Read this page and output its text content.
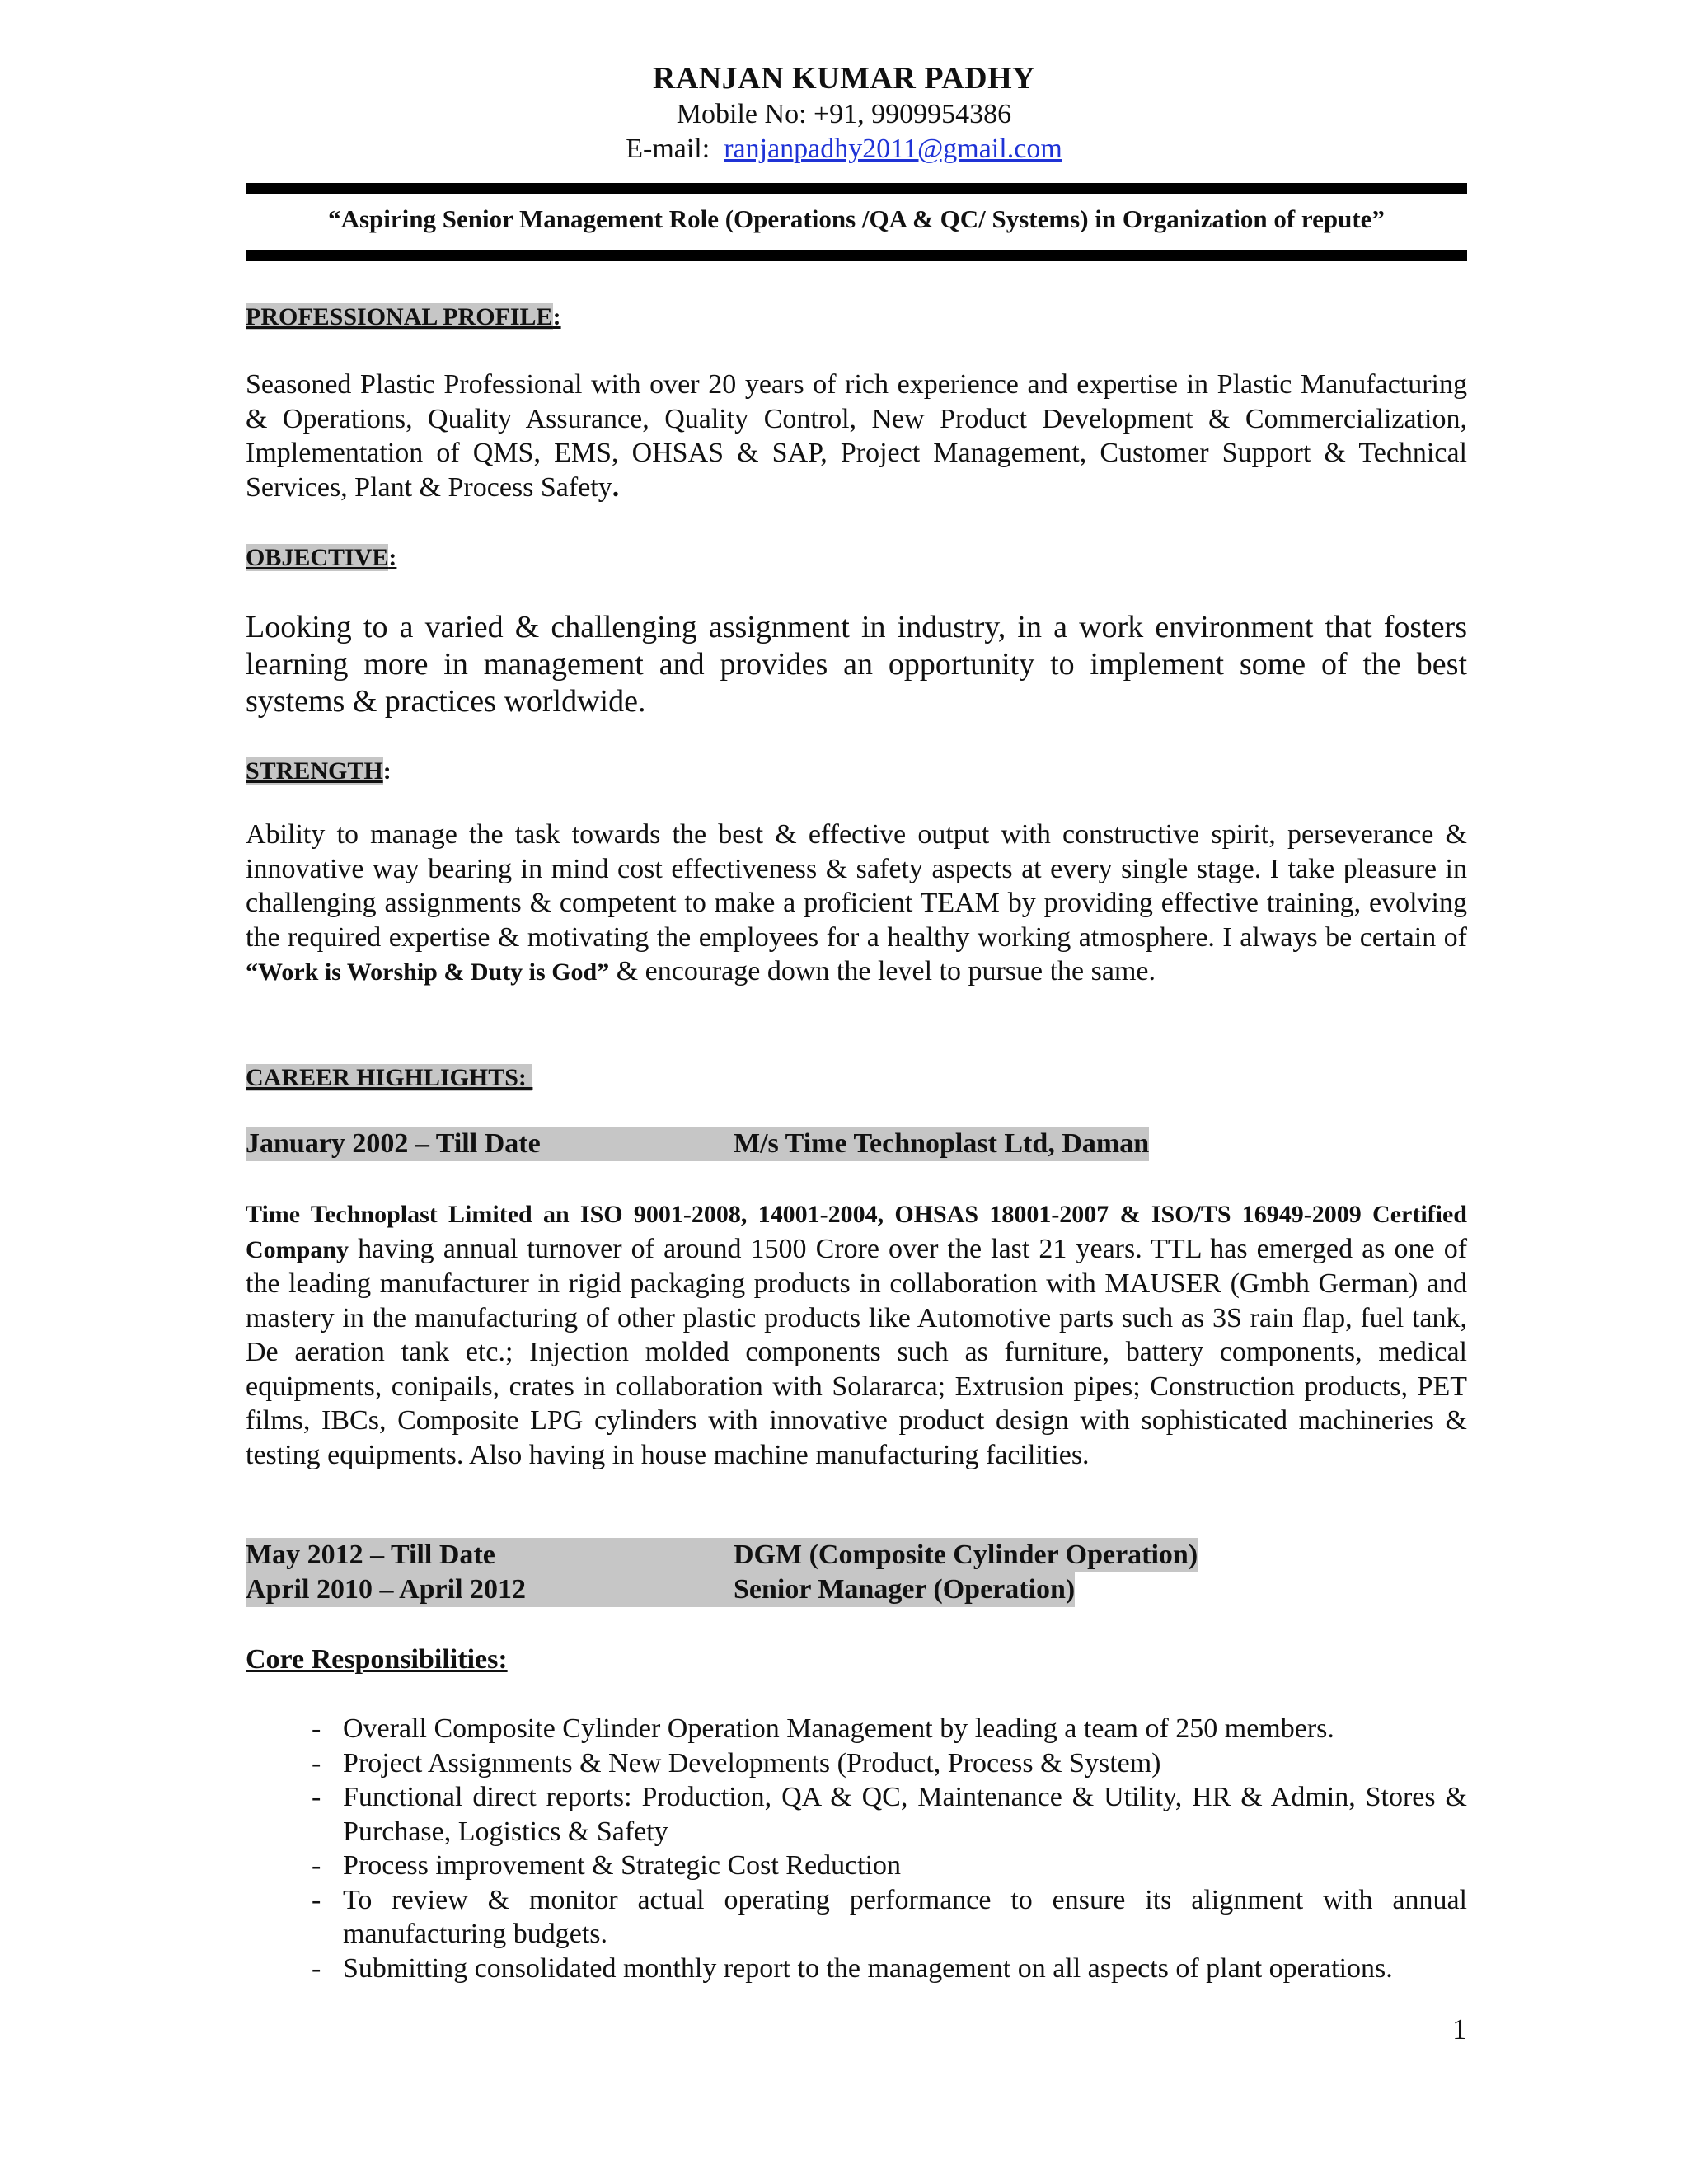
RANJAN KUMAR PADHY
Mobile No: +91, 9909954386
E-mail: ranjanpadhy2011@gmail.com
“Aspiring Senior Management Role (Operations /QA & QC/ Systems) in Organization of repute”
PROFESSIONAL PROFILE:
Seasoned Plastic Professional with over 20 years of rich experience and expertise in Plastic Manufacturing & Operations, Quality Assurance, Quality Control, New Product Development & Commercialization, Implementation of QMS, EMS, OHSAS & SAP, Project Management, Customer Support & Technical Services, Plant & Process Safety.
OBJECTIVE:
Looking to a varied & challenging assignment in industry, in a work environment that fosters learning more in management and provides an opportunity to implement some of the best systems & practices worldwide.
STRENGTH:
Ability to manage the task towards the best & effective output with constructive spirit, perseverance & innovative way bearing in mind cost effectiveness & safety aspects at every single stage. I take pleasure in challenging assignments & competent to make a proficient TEAM by providing effective training, evolving the required expertise & motivating the employees for a healthy working atmosphere. I always be certain of “Work is Worship & Duty is God” & encourage down the level to pursue the same.
CAREER HIGHLIGHTS:
January 2002 – Till Date	M/s Time Technoplast Ltd, Daman
Time Technoplast Limited an ISO 9001-2008, 14001-2004, OHSAS 18001-2007 & ISO/TS 16949-2009 Certified Company having annual turnover of around 1500 Crore over the last 21 years. TTL has emerged as one of the leading manufacturer in rigid packaging products in collaboration with MAUSER (Gmbh German) and mastery in the manufacturing of other plastic products like Automotive parts such as 3S rain flap, fuel tank, De aeration tank etc.; Injection molded components such as furniture, battery components, medical equipments, conipails, crates in collaboration with Solararca; Extrusion pipes; Construction products, PET films, IBCs, Composite LPG cylinders with innovative product design with sophisticated machineries & testing equipments. Also having in house machine manufacturing facilities.
May 2012 – Till Date	DGM (Composite Cylinder Operation)
April 2010 – April 2012	Senior Manager (Operation)
Core Responsibilities:
- Overall Composite Cylinder Operation Management by leading a team of 250 members.
- Project Assignments & New Developments (Product, Process & System)
- Functional direct reports: Production, QA & QC, Maintenance & Utility, HR & Admin, Stores & Purchase, Logistics & Safety
- Process improvement & Strategic Cost Reduction
- To review & monitor actual operating performance to ensure its alignment with annual manufacturing budgets.
- Submitting consolidated monthly report to the management on all aspects of plant operations.
1
